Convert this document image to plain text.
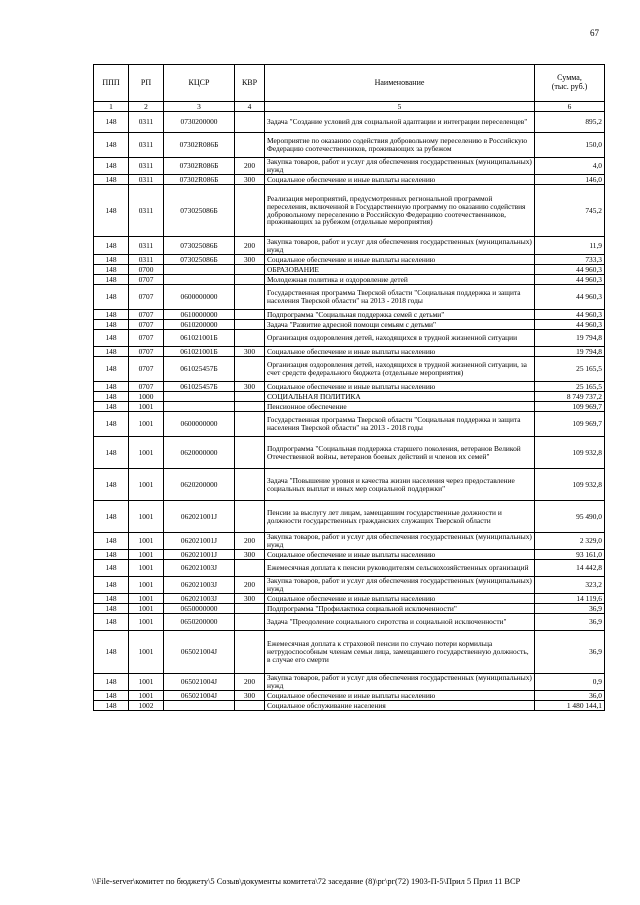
67
ППП	РП	КЦСР	КВР	Наименование	Сумма,
(тыс. руб.)
1	2	3	4	5	6
148	0311	0730200000		Задача "Создание условий для социальной адаптации и интеграции переселенцев"	895,2
148	0311	07302R086Б		Мероприятие по оказанию содействия добровольному переселению в Российскую Федерацию соотечественников, проживающих за рубежом	150,0
148	0311	07302R086Б	200	Закупка товаров, работ и услуг для обеспечения государственных (муниципальных) нужд	4,0
148	0311	07302R086Б	300	Социальное обеспечение и иные выплаты населению	146,0
148	0311	073025086Б		Реализация мероприятий, предусмотренных региональной программой переселения, включенной в Государственную программу по оказанию содействия добровольному переселению в Российскую Федерацию соотечественников, проживающих за рубежом (отдельные мероприятия)	745,2
148	0311	073025086Б	200	Закупка товаров, работ и услуг для обеспечения государственных (муниципальных) нужд	11,9
148	0311	073025086Б	300	Социальное обеспечение и иные выплаты населению	733,3
148	0700			ОБРАЗОВАНИЕ	44 960,3
148	0707			Молодежная политика и оздоровление детей	44 960,3
148	0707	0600000000		Государственная программа Тверской области "Социальная поддержка и защита населения Тверской области" на 2013 - 2018 годы	44 960,3
148	0707	0610000000		Подпрограмма "Социальная поддержка семей с детьми"	44 960,3
148	0707	0610200000		Задача "Развитие адресной помощи семьям с детьми"	44 960,3
148	0707	061021001Б		Организация оздоровления детей, находящихся в трудной жизненной ситуации	19 794,8
148	0707	061021001Б	300	Социальное обеспечение и иные выплаты населению	19 794,8
148	0707	061025457Б		Организация оздоровления детей, находящихся в трудной жизненной ситуации, за счет средств федерального бюджета (отдельные мероприятия)	25 165,5
148	0707	061025457Б	300	Социальное обеспечение и иные выплаты населению	25 165,5
148	1000			СОЦИАЛЬНАЯ ПОЛИТИКА	8 749 737,2
148	1001			Пенсионное обеспечение	109 969,7
148	1001	0600000000		Государственная программа Тверской области "Социальная поддержка и защита населения Тверской области" на 2013 - 2018 годы	109 969,7
148	1001	0620000000		Подпрограмма "Социальная поддержка старшего поколения, ветеранов Великой Отечественной войны, ветеранов боевых действий и членов их семей"	109 932,8
148	1001	0620200000		Задача "Повышение уровня и качества жизни населения через предоставление социальных выплат и иных мер социальной поддержки"	109 932,8
148	1001	062021001J		Пенсии за выслугу лет лицам, замещавшим государственные должности и должности государственных гражданских служащих Тверской области	95 490,0
148	1001	062021001J	200	Закупка товаров, работ и услуг для обеспечения государственных (муниципальных) нужд	2 329,0
148	1001	062021001J	300	Социальное обеспечение и иные выплаты населению	93 161,0
148	1001	062021003J		Ежемесячная доплата к пенсии руководителям сельскохозяйственных организаций	14 442,8
148	1001	062021003J	200	Закупка товаров, работ и услуг для обеспечения государственных (муниципальных) нужд	323,2
148	1001	062021003J	300	Социальное обеспечение и иные выплаты населению	14 119,6
148	1001	0650000000		Подпрограмма "Профилактика социальной исключенности"	36,9
148	1001	0650200000		Задача "Преодоление социального сиротства и социальной исключенности"	36,9
148	1001	065021004J		Ежемесячная доплата к страховой пенсии по случаю потери кормильца нетрудоспособным членам семьи лица, замещавшего государственную должность, в случае его смерти	36,9
148	1001	065021004J	200	Закупка товаров, работ и услуг для обеспечения государственных (муниципальных) нужд	0,9
148	1001	065021004J	300	Социальное обеспечение и иные выплаты населению	36,0
148	1002			Социальное обслуживание населения	1 480 144,1
\\File-server\комитет по бюджету\5 Созыв\документы комитета\72 заседание (8)\рг\рг(72) 1903-П-5\Прил 5 Прил 11 ВСР
